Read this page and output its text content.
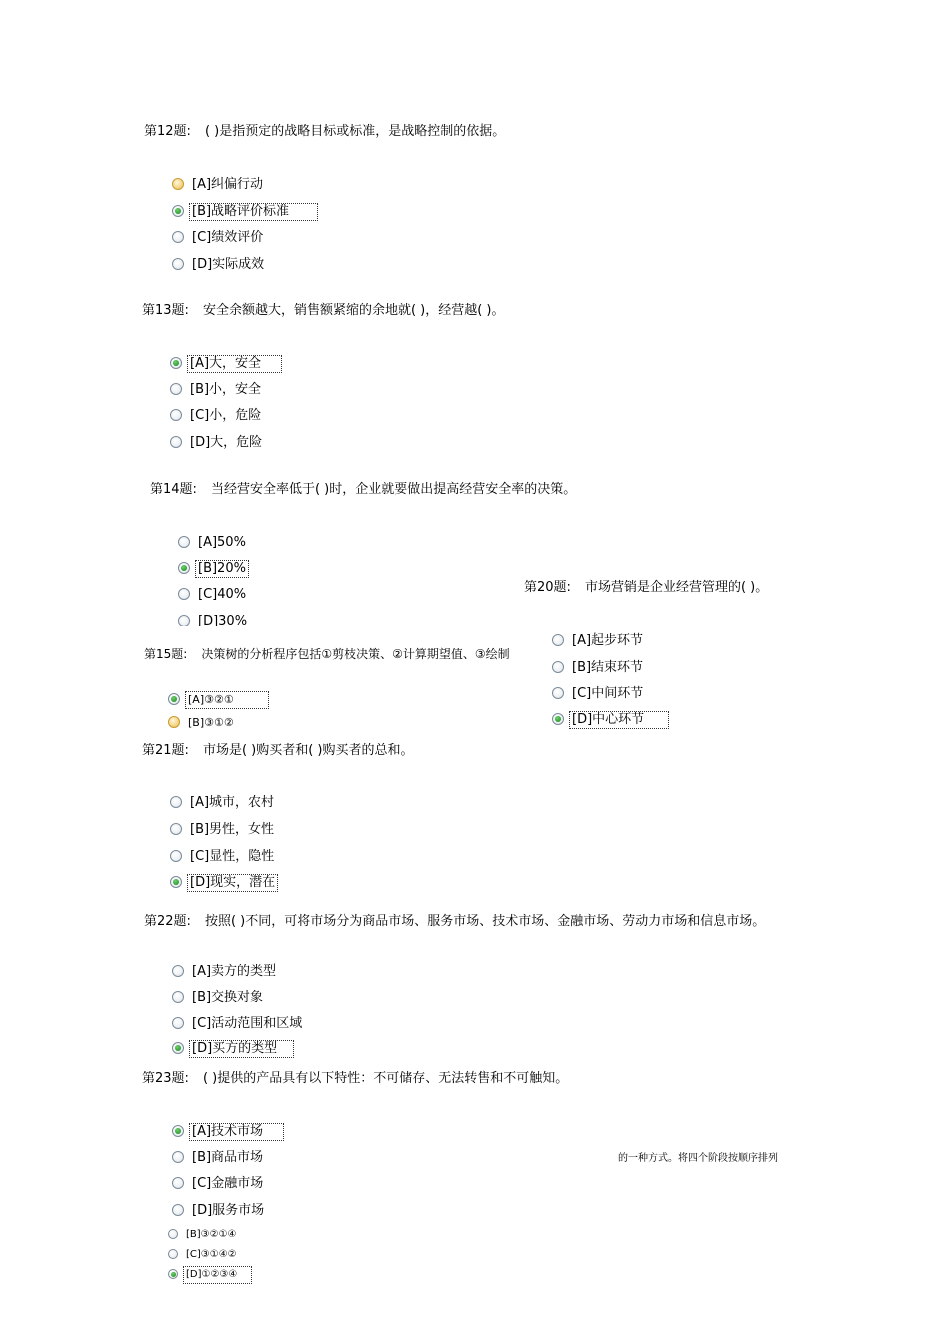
第12题: ( )是指预定的战略目标或标准，是战略控制的依据。
[A]纠偏行动
[B]战略评价标准
[C]绩效评价
[D]实际成效
第13题: 安全余额越大，销售额紧缩的余地就( )，经营越( )。
[A]大，安全
[B]小，安全
[C]小，危险
[D]大，危险
第14题: 当经营安全率低于( )时，企业就要做出提高经营安全率的决策。
[A]50%
[B]20%
[C]40%
[D]30%
第15题: 决策树的分析程序包括①剪枝决策、②计算期望值、③绘制
[A]③②①
[B]③①②
第20题: 市场营销是企业经营管理的( )。
[A]起步环节
[B]结束环节
[C]中间环节
[D]中心环节
第21题: 市场是( )购买者和( )购买者的总和。
[A]城市，农村
[B]男性，女性
[C]显性，隐性
[D]现实，潜在
第22题: 按照( )不同，可将市场分为商品市场、服务市场、技术市场、金融市场、劳动力市场和信息市场。
[A]卖方的类型
[B]交换对象
[C]活动范围和区域
[D]买方的类型
第23题: ( )提供的产品具有以下特性：不可储存、无法转售和不可触知。
[A]技术市场
[B]商品市场
[C]金融市场
[D]服务市场
的一种方式。将四个阶段按顺序排列
[B]③②①④
[C]③①④②
[D]①②③④
